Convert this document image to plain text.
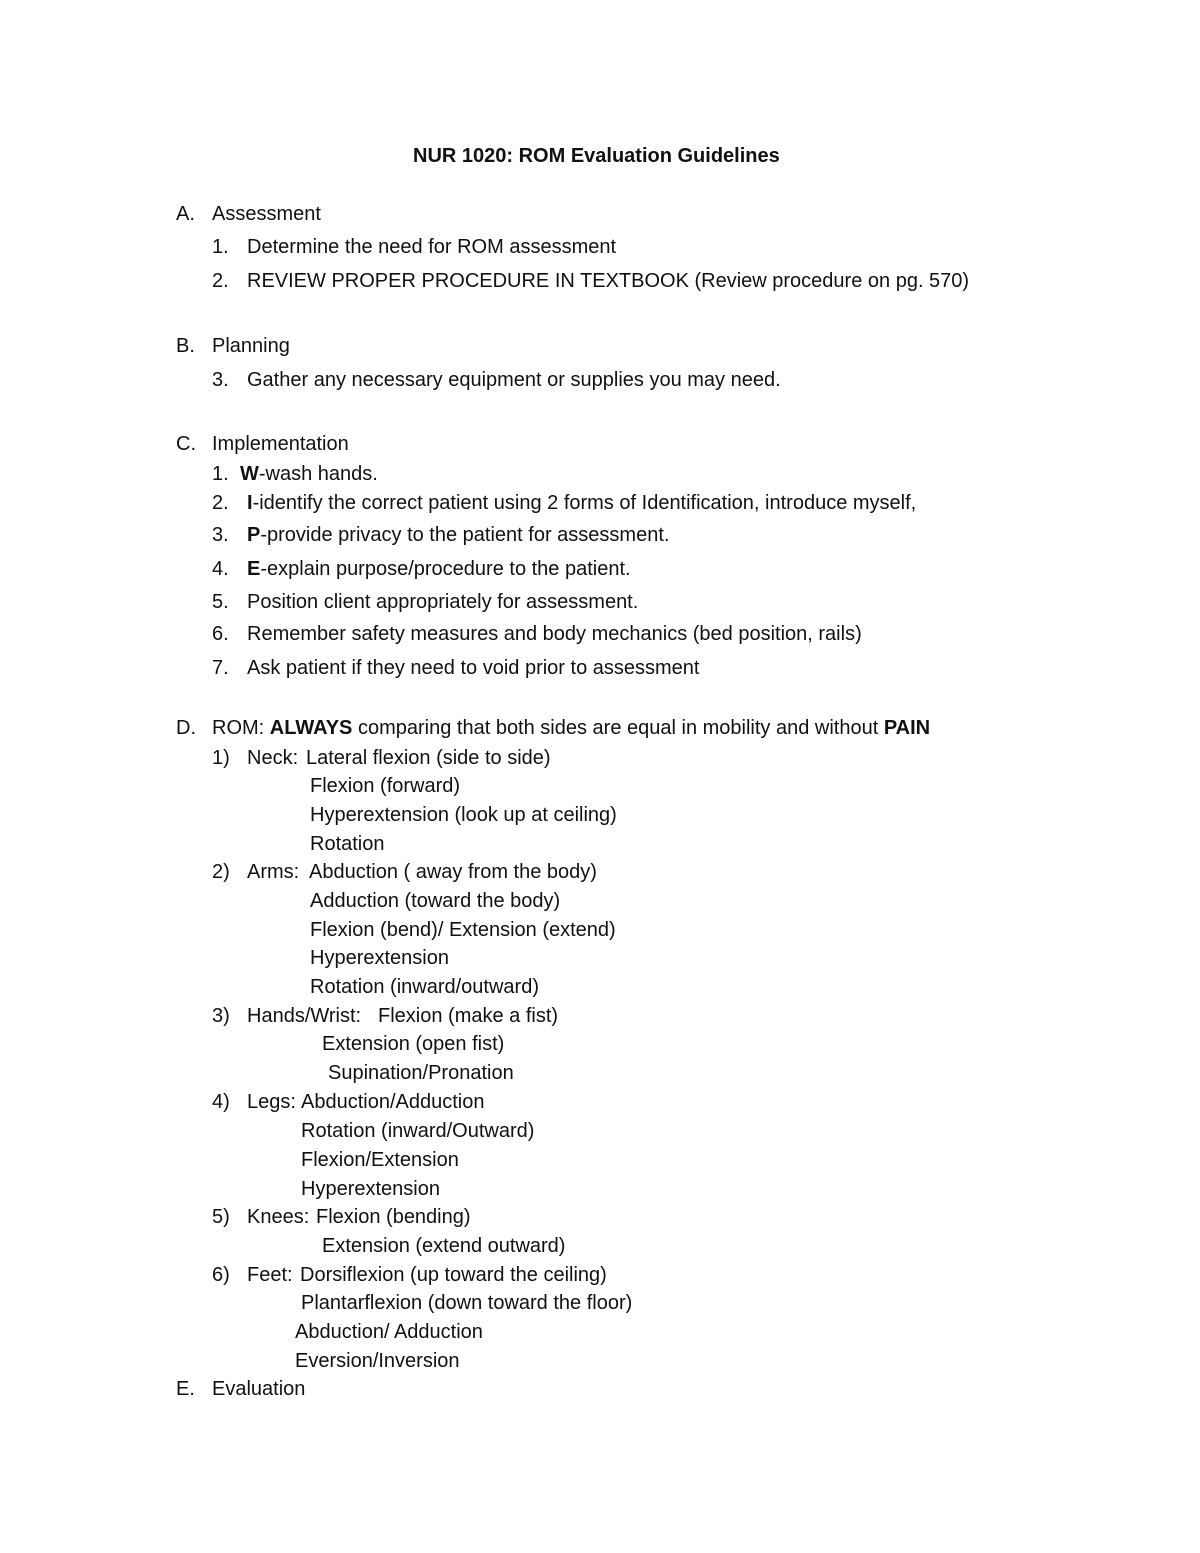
NUR 1020: ROM Evaluation Guidelines
A. Assessment
1. Determine the need for ROM assessment
2. REVIEW PROPER PROCEDURE IN TEXTBOOK (Review procedure on pg. 570)
B. Planning
3. Gather any necessary equipment or supplies you may need.
C. Implementation
1. W-wash hands.
2. I-identify the correct patient using 2 forms of Identification, introduce myself,
3. P-provide privacy to the patient for assessment.
4. E-explain purpose/procedure to the patient.
5. Position client appropriately for assessment.
6. Remember safety measures and body mechanics (bed position, rails)
7. Ask patient if they need to void prior to assessment
D. ROM: ALWAYS comparing that both sides are equal in mobility and without PAIN
1) Neck: Lateral flexion (side to side)
Flexion (forward)
Hyperextension (look up at ceiling)
Rotation
2) Arms: Abduction ( away from the body)
Adduction (toward the body)
Flexion (bend)/ Extension (extend)
Hyperextension
Rotation (inward/outward)
3) Hands/Wrist: Flexion (make a fist)
Extension (open fist)
Supination/Pronation
4) Legs: Abduction/Adduction
Rotation (inward/Outward)
Flexion/Extension
Hyperextension
5) Knees: Flexion (bending)
Extension (extend outward)
6) Feet: Dorsiflexion (up toward the ceiling)
Plantarflexion (down toward the floor)
Abduction/ Adduction
Eversion/Inversion
E. Evaluation
